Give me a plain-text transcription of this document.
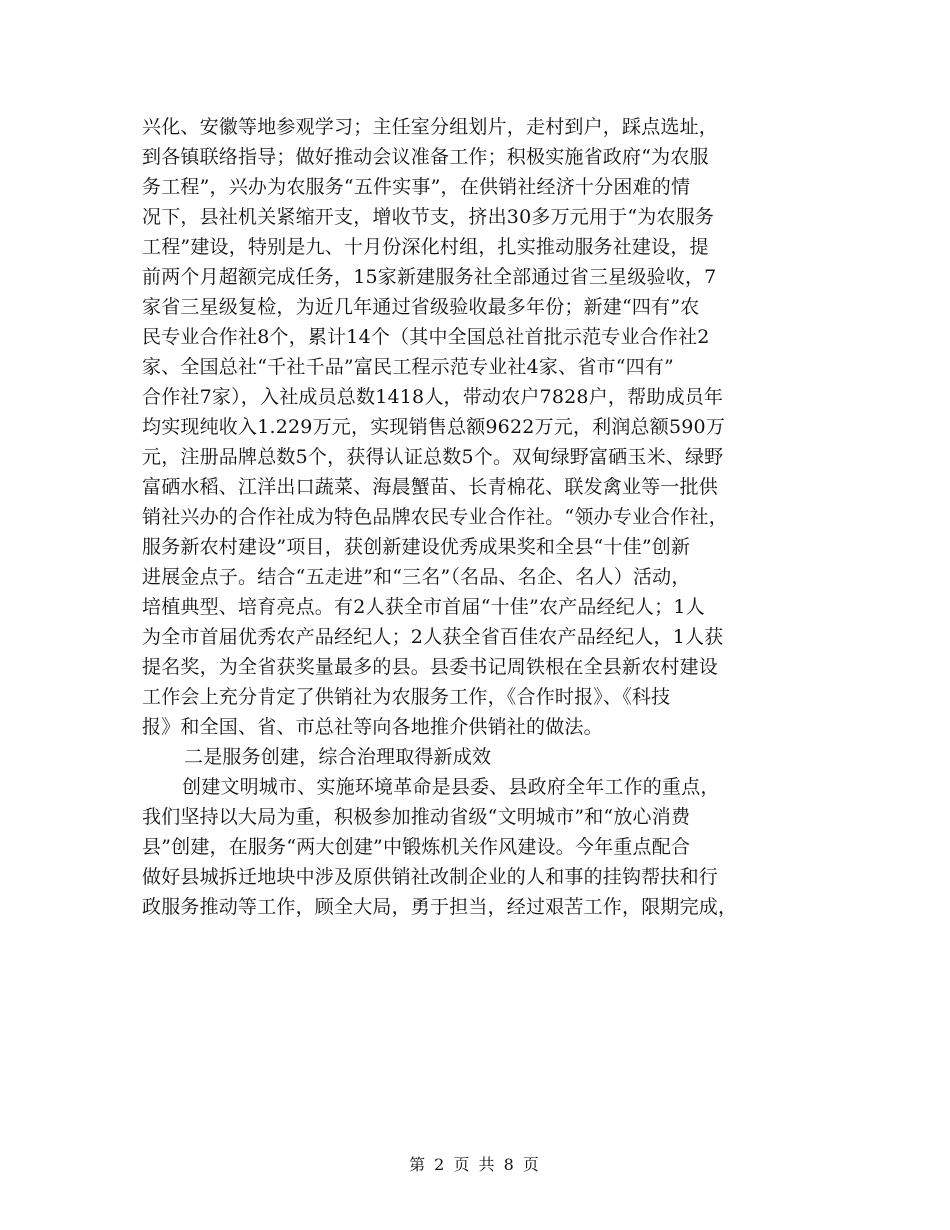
兴化、安徽等地参观学习；主任室分组划片，走村到户，踩点选址，
到各镇联络指导；做好推动会议准备工作；积极实施省政府“为农服
务工程”，兴办为农服务“五件实事”，在供销社经济十分困难的情
况下，县社机关紧缩开支，增收节支，挤出30多万元用于“为农服务
工程”建设，特别是九、十月份深化村组，扎实推动服务社建设，提
前两个月超额完成任务，15家新建服务社全部通过省三星级验收，7
家省三星级复检，为近几年通过省级验收最多年份；新建“四有”农
民专业合作社8个，累计14个（其中全国总社首批示范专业合作社2
家、全国总社“千社千品”富民工程示范专业社4家、省市“四有”
合作社7家），入社成员总数1418人，带动农户7828户，帮助成员年
均实现纯收入1.229万元，实现销售总额9622万元，利润总额590万
元，注册品牌总数5个，获得认证总数5个。双甸绿野富硒玉米、绿野
富硒水稻、江洋出口蔬菜、海晨蟹苗、长青棉花、联发禽业等一批供
销社兴办的合作社成为特色品牌农民专业合作社。“领办专业合作社，
服务新农村建设”项目，获创新建设优秀成果奖和全县“十佳”创新
进展金点子。结合“五走进”和“三名”（名品、名企、名人）活动，
培植典型、培育亮点。有2人获全市首届“十佳”农产品经纪人；1人
为全市首届优秀农产品经纪人；2人获全省百佳农产品经纪人，1人获
提名奖，为全省获奖量最多的县。县委书记周铁根在全县新农村建设
工作会上充分肯定了供销社为农服务工作，《合作时报》、《科技
报》和全国、省、市总社等向各地推介供销社的做法。
二是服务创建，综合治理取得新成效
创建文明城市、实施环境革命是县委、县政府全年工作的重点，
我们坚持以大局为重，积极参加推动省级“文明城市”和“放心消费
县”创建，在服务“两大创建”中锻炼机关作风建设。今年重点配合
做好县城拆迁地块中涉及原供销社改制企业的人和事的挂钩帮扶和行
政服务推动等工作，顾全大局，勇于担当，经过艰苦工作，限期完成，
第 2 页 共 8 页
